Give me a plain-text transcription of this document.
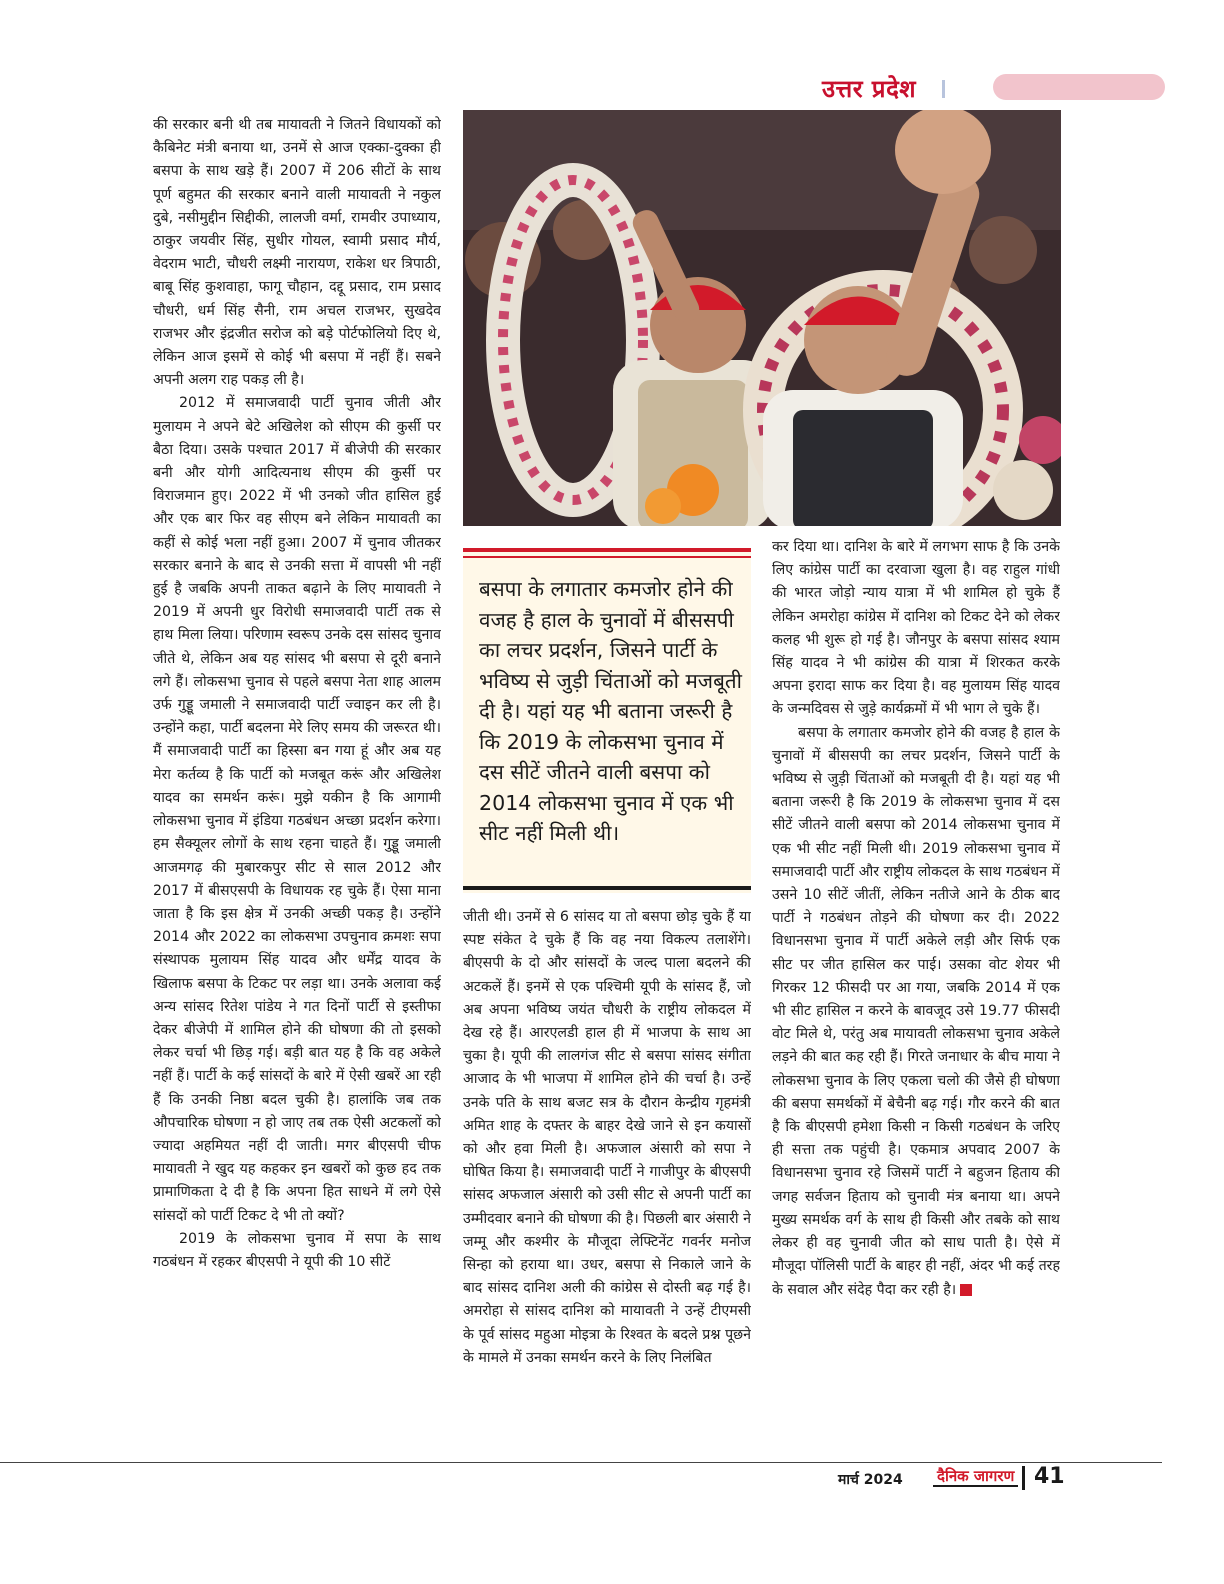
उत्तर प्रदेश

की सरकार बनी थी तब मायावती ने जितने विधायकों को कैबिनेट मंत्री बनाया था, उनमें से आज एक्का-दुक्का ही बसपा के साथ खड़े हैं। 2007 में 206 सीटों के साथ पूर्ण बहुमत की सरकार बनाने वाली मायावती ने नकुल दुबे, नसीमुद्दीन सिद्दीकी, लालजी वर्मा, रामवीर उपाध्याय, ठाकुर जयवीर सिंह, सुधीर गोयल, स्वामी प्रसाद मौर्य, वेदराम भाटी, चौधरी लक्ष्मी नारायण, राकेश धर त्रिपाठी, बाबू सिंह कुशवाहा, फागू चौहान, दद्दू प्रसाद, राम प्रसाद चौधरी, धर्म सिंह सैनी, राम अचल राजभर, सुखदेव राजभर और इंद्रजीत सरोज को बड़े पोर्टफोलियो दिए थे, लेकिन आज इसमें से कोई भी बसपा में नहीं हैं। सबने अपनी अलग राह पकड़ ली है।

2012 में समाजवादी पार्टी चुनाव जीती और मुलायम ने अपने बेटे अखिलेश को सीएम की कुर्सी पर बैठा दिया। उसके पश्चात 2017 में बीजेपी की सरकार बनी और योगी आदित्यनाथ सीएम की कुर्सी पर विराजमान हुए। 2022 में भी उनको जीत हासिल हुई और एक बार फिर वह सीएम बने लेकिन मायावती का कहीं से कोई भला नहीं हुआ। 2007 में चुनाव जीतकर सरकार बनाने के बाद से उनकी सत्ता में वापसी भी नहीं हुई है जबकि अपनी ताकत बढ़ाने के लिए मायावती ने 2019 में अपनी धुर विरोधी समाजवादी पार्टी तक से हाथ मिला लिया। परिणाम स्वरूप उनके दस सांसद चुनाव जीते थे, लेकिन अब यह सांसद भी बसपा से दूरी बनाने लगे हैं। लोकसभा चुनाव से पहले बसपा नेता शाह आलम उर्फ गुड्डू जमाली ने समाजवादी पार्टी ज्वाइन कर ली है। उन्होंने कहा, पार्टी बदलना मेरे लिए समय की जरूरत थी। मैं समाजवादी पार्टी का हिस्सा बन गया हूं और अब यह मेरा कर्तव्य है कि पार्टी को मजबूत करूं और अखिलेश यादव का समर्थन करूं। मुझे यकीन है कि आगामी लोकसभा चुनाव में इंडिया गठबंधन अच्छा प्रदर्शन करेगा। हम सैक्यूलर लोगों के साथ रहना चाहते हैं। गुड्डू जमाली आजमगढ़ की मुबारकपुर सीट से साल 2012 और 2017 में बीसएसपी के विधायक रह चुके हैं। ऐसा माना जाता है कि इस क्षेत्र में उनकी अच्छी पकड़ है। उन्होंने 2014 और 2022 का लोकसभा उपचुनाव क्रमशः सपा संस्थापक मुलायम सिंह यादव और धर्मेंद्र यादव के खिलाफ बसपा के टिकट पर लड़ा था। उनके अलावा कई अन्य सांसद रितेश पांडेय ने गत दिनों पार्टी से इस्तीफा देकर बीजेपी में शामिल होने की घोषणा की तो इसको लेकर चर्चा भी छिड़ गई। बड़ी बात यह है कि वह अकेले नहीं हैं। पार्टी के कई सांसदों के बारे में ऐसी खबरें आ रही हैं कि उनकी निष्ठा बदल चुकी है। हालांकि जब तक औपचारिक घोषणा न हो जाए तब तक ऐसी अटकलों को ज्यादा अहमियत नहीं दी जाती। मगर बीएसपी चीफ मायावती ने खुद यह कहकर इन खबरों को कुछ हद तक प्रामाणिकता दे दी है कि अपना हित साधने में लगे ऐसे सांसदों को पार्टी टिकट दे भी तो क्यों?

2019 के लोकसभा चुनाव में सपा के साथ गठबंधन में रहकर बीएसपी ने यूपी की 10 सीटें

बसपा के लगातार कमजोर होने की वजह है हाल के चुनावों में बीससपी का लचर प्रदर्शन, जिसने पार्टी के भविष्य से जुड़ी चिंताओं को मजबूती दी है। यहां यह भी बताना जरूरी है कि 2019 के लोकसभा चुनाव में दस सीटें जीतने वाली बसपा को 2014 लोकसभा चुनाव में एक भी सीट नहीं मिली थी।

जीती थी। उनमें से 6 सांसद या तो बसपा छोड़ चुके हैं या स्पष्ट संकेत दे चुके हैं कि वह नया विकल्प तलाशेंगे। बीएसपी के दो और सांसदों के जल्द पाला बदलने की अटकलें हैं। इनमें से एक पश्चिमी यूपी के सांसद हैं, जो अब अपना भविष्य जयंत चौधरी के राष्ट्रीय लोकदल में देख रहे हैं। आरएलडी हाल ही में भाजपा के साथ आ चुका है। यूपी की लालगंज सीट से बसपा सांसद संगीता आजाद के भी भाजपा में शामिल होने की चर्चा है। उन्हें उनके पति के साथ बजट सत्र के दौरान केन्द्रीय गृहमंत्री अमित शाह के दफ्तर के बाहर देखे जाने से इन कयासों को और हवा मिली है। अफजाल अंसारी को सपा ने घोषित किया है। समाजवादी पार्टी ने गाजीपुर के बीएसपी सांसद अफजाल अंसारी को उसी सीट से अपनी पार्टी का उम्मीदवार बनाने की घोषणा की है। पिछली बार अंसारी ने जम्मू और कश्मीर के मौजूदा लेफ्टिनेंट गवर्नर मनोज सिन्हा को हराया था। उधर, बसपा से निकाले जाने के बाद सांसद दानिश अली की कांग्रेस से दोस्ती बढ़ गई है। अमरोहा से सांसद दानिश को मायावती ने उन्हें टीएमसी के पूर्व सांसद महुआ मोइत्रा के रिश्वत के बदले प्रश्न पूछने के मामले में उनका समर्थन करने के लिए निलंबित

कर दिया था। दानिश के बारे में लगभग साफ है कि उनके लिए कांग्रेस पार्टी का दरवाजा खुला है। वह राहुल गांधी की भारत जोड़ो न्याय यात्रा में भी शामिल हो चुके हैं लेकिन अमरोहा कांग्रेस में दानिश को टिकट देने को लेकर कलह भी शुरू हो गई है। जौनपुर के बसपा सांसद श्याम सिंह यादव ने भी कांग्रेस की यात्रा में शिरकत करके अपना इरादा साफ कर दिया है। वह मुलायम सिंह यादव के जन्मदिवस से जुड़े कार्यक्रमों में भी भाग ले चुके हैं।

बसपा के लगातार कमजोर होने की वजह है हाल के चुनावों में बीससपी का लचर प्रदर्शन, जिसने पार्टी के भविष्य से जुड़ी चिंताओं को मजबूती दी है। यहां यह भी बताना जरूरी है कि 2019 के लोकसभा चुनाव में दस सीटें जीतने वाली बसपा को 2014 लोकसभा चुनाव में एक भी सीट नहीं मिली थी। 2019 लोकसभा चुनाव में समाजवादी पार्टी और राष्ट्रीय लोकदल के साथ गठबंधन में उसने 10 सीटें जीतीं, लेकिन नतीजे आने के ठीक बाद पार्टी ने गठबंधन तोड़ने की घोषणा कर दी। 2022 विधानसभा चुनाव में पार्टी अकेले लड़ी और सिर्फ एक सीट पर जीत हासिल कर पाई। उसका वोट शेयर भी गिरकर 12 फीसदी पर आ गया, जबकि 2014 में एक भी सीट हासिल न करने के बावजूद उसे 19.77 फीसदी वोट मिले थे, परंतु अब मायावती लोकसभा चुनाव अकेले लड़ने की बात कह रही हैं। गिरते जनाधार के बीच माया ने लोकसभा चुनाव के लिए एकला चलो की जैसे ही घोषणा की बसपा समर्थकों में बेचैनी बढ़ गई। गौर करने की बात है कि बीएसपी हमेशा किसी न किसी गठबंधन के जरिए ही सत्ता तक पहुंची है। एकमात्र अपवाद 2007 के विधानसभा चुनाव रहे जिसमें पार्टी ने बहुजन हिताय की जगह सर्वजन हिताय को चुनावी मंत्र बनाया था। अपने मुख्य समर्थक वर्ग के साथ ही किसी और तबके को साथ लेकर ही वह चुनावी जीत को साध पाती है। ऐसे में मौजूदा पॉलिसी पार्टी के बाहर ही नहीं, अंदर भी कई तरह के सवाल और संदेह पैदा कर रही है।

मार्च 2024 दैनिक जागरण 41
